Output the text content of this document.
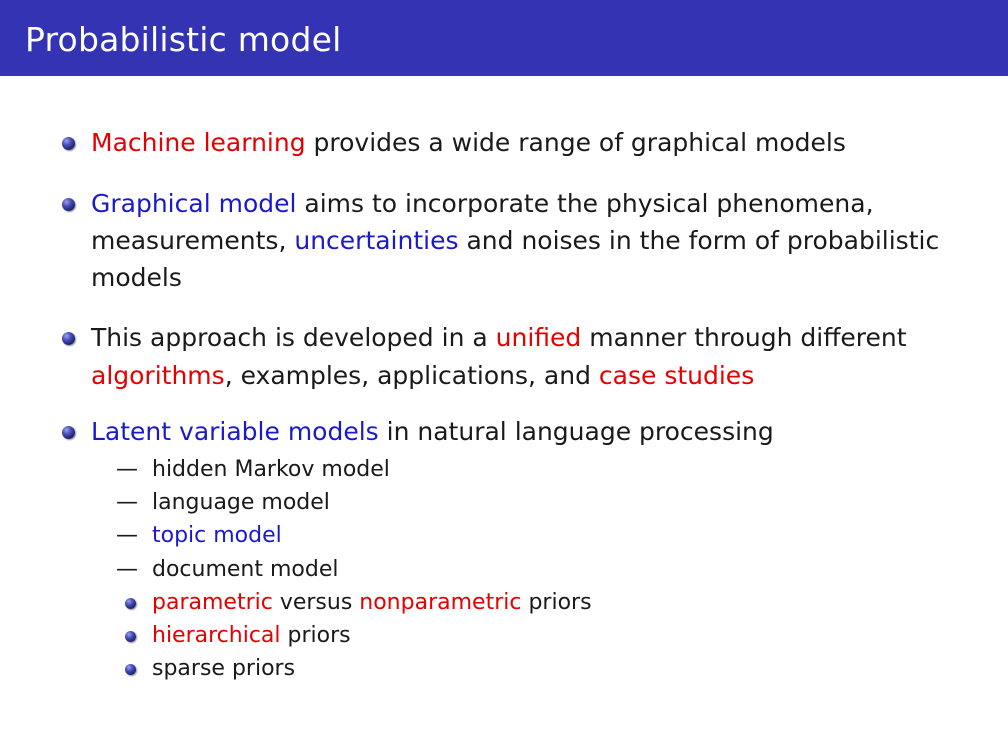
Probabilistic model
Machine learning provides a wide range of graphical models
Graphical model aims to incorporate the physical phenomena,
measurements, uncertainties and noises in the form of probabilistic
models
This approach is developed in a unified manner through different
algorithms, examples, applications, and case studies
Latent variable models in natural language processing
— hidden Markov model
— language model
— topic model
— document model
parametric versus nonparametric priors
hierarchical priors
sparse priors
